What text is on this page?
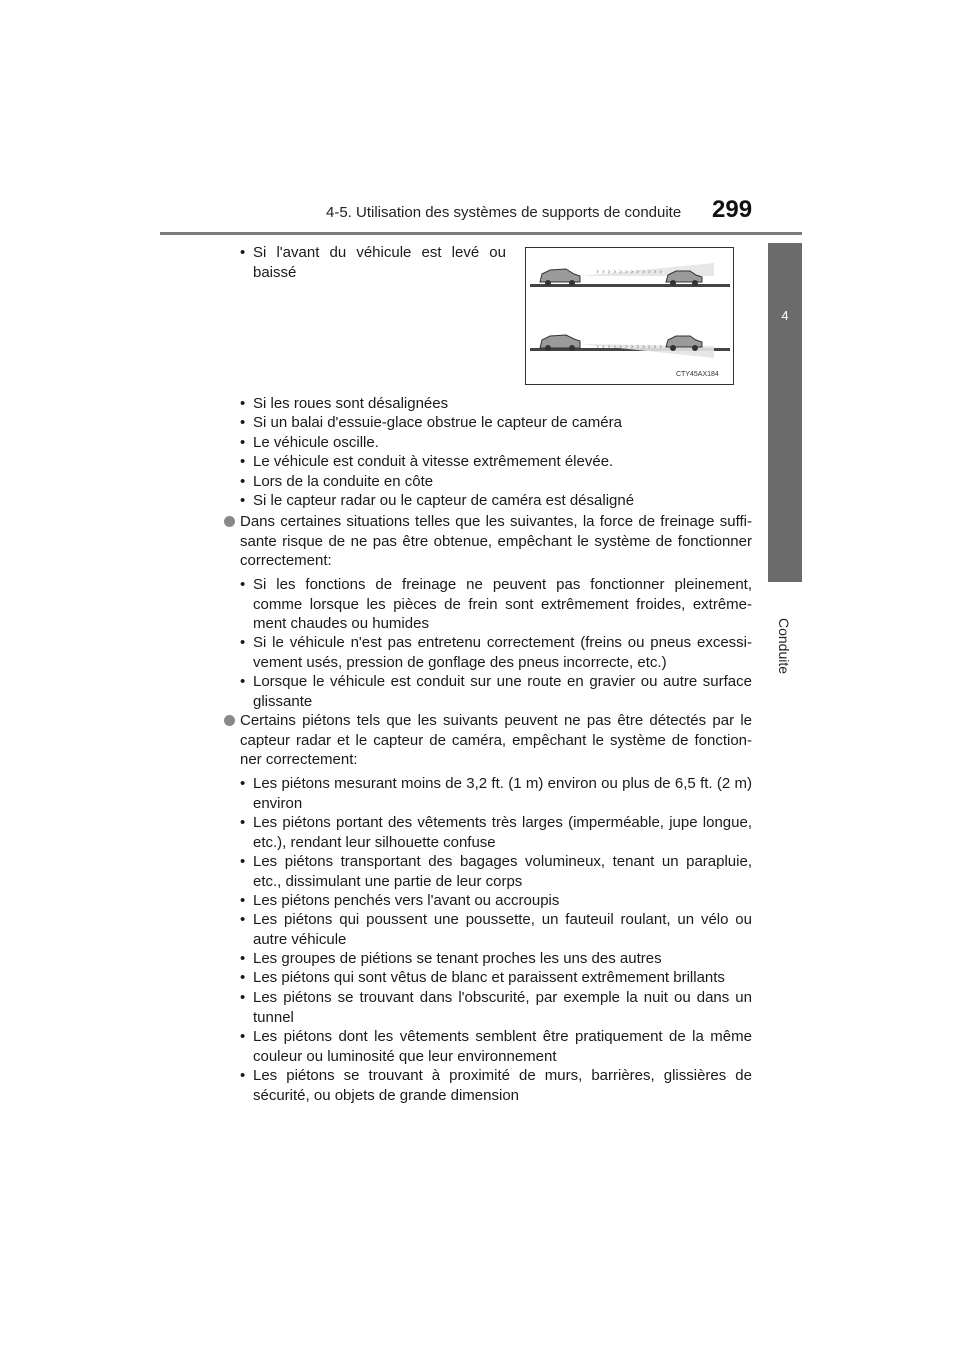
4-5. Utilisation des systèmes de supports de conduite 299
4
Conduite
› › › › › › › › › › › ›
› › › › › › › › › › › ›
CTY45AX184
• Si l'avant du véhicule est levé ou baissé
• Si les roues sont désalignées
• Si un balai d'essuie-glace obstrue le capteur de caméra
• Le véhicule oscille.
• Le véhicule est conduit à vitesse extrêmement élevée.
• Lors de la conduite en côte
• Si le capteur radar ou le capteur de caméra est désaligné
Dans certaines situations telles que les suivantes, la force de freinage suffi-sante risque de ne pas être obtenue, empêchant le système de fonctionner correctement:
• Si les fonctions de freinage ne peuvent pas fonctionner pleinement, comme lorsque les pièces de frein sont extrêmement froides, extrême-ment chaudes ou humides
• Si le véhicule n'est pas entretenu correctement (freins ou pneus excessi-vement usés, pression de gonflage des pneus incorrecte, etc.)
• Lorsque le véhicule est conduit sur une route en gravier ou autre surface glissante
Certains piétons tels que les suivants peuvent ne pas être détectés par le capteur radar et le capteur de caméra, empêchant le système de fonction-ner correctement:
• Les piétons mesurant moins de 3,2 ft. (1 m) environ ou plus de 6,5 ft. (2 m) environ
• Les piétons portant des vêtements très larges (imperméable, jupe longue, etc.), rendant leur silhouette confuse
• Les piétons transportant des bagages volumineux, tenant un parapluie, etc., dissimulant une partie de leur corps
• Les piétons penchés vers l'avant ou accroupis
• Les piétons qui poussent une poussette, un fauteuil roulant, un vélo ou autre véhicule
• Les groupes de piétions se tenant proches les uns des autres
• Les piétons qui sont vêtus de blanc et paraissent extrêmement brillants
• Les piétons se trouvant dans l'obscurité, par exemple la nuit ou dans un tunnel
• Les piétons dont les vêtements semblent être pratiquement de la même couleur ou luminosité que leur environnement
• Les piétons se trouvant à proximité de murs, barrières, glissières de sécurité, ou objets de grande dimension
